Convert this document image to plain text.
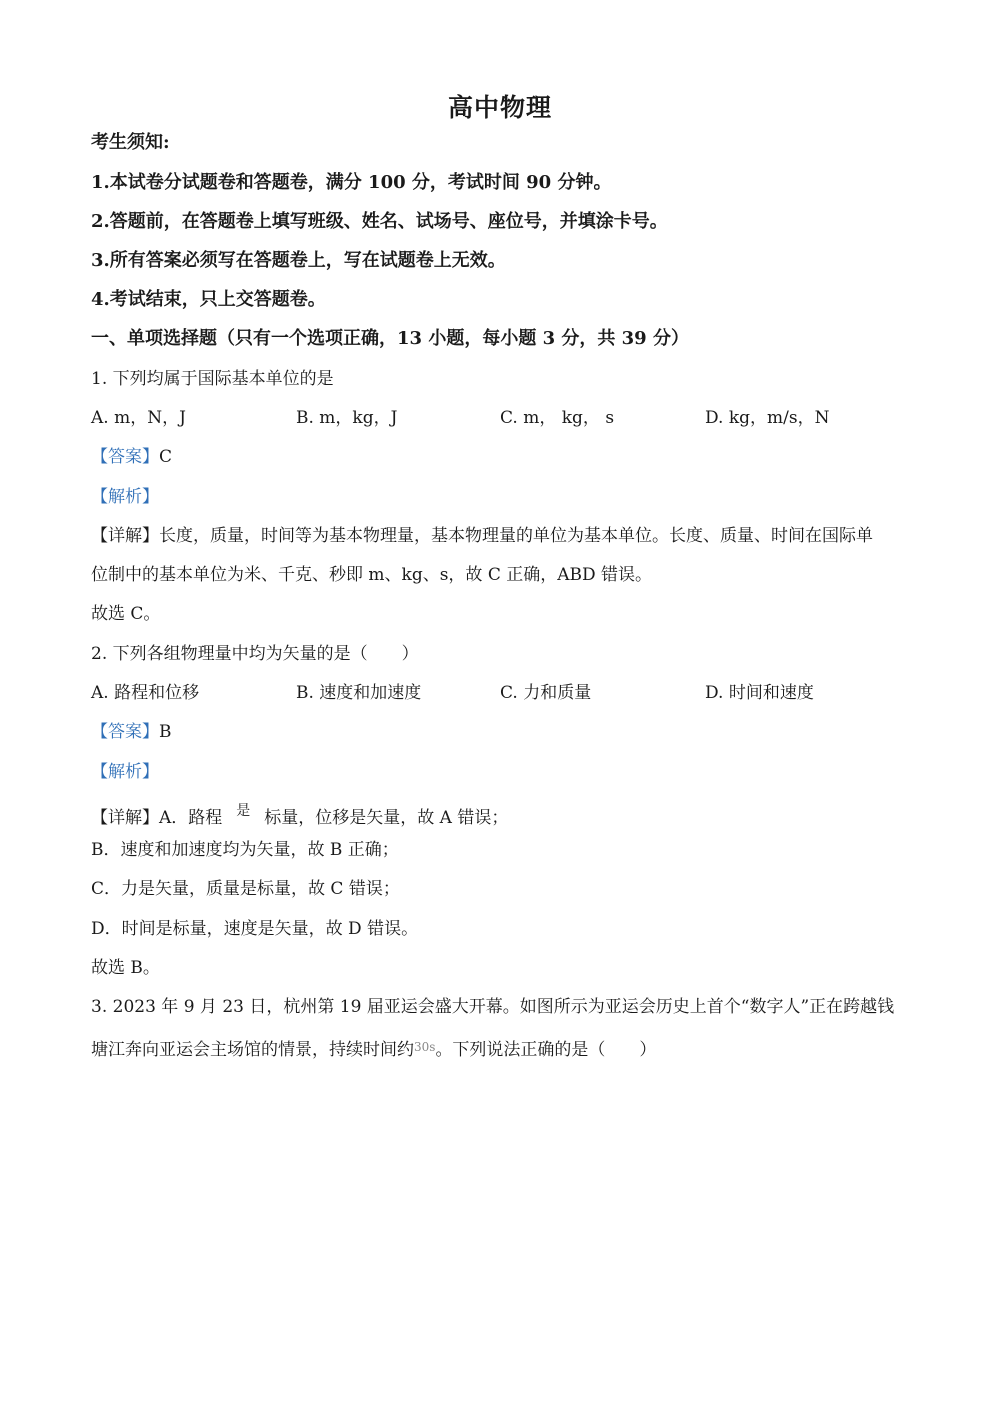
高中物理
考生须知:
1.本试卷分试题卷和答题卷，满分 100 分，考试时间 90 分钟。
2.答题前，在答题卷上填写班级、姓名、试场号、座位号，并填涂卡号。
3.所有答案必须写在答题卷上，写在试题卷上无效。
4.考试结束，只上交答题卷。
一、单项选择题（只有一个选项正确，13 小题，每小题 3 分，共 39 分）
1. 下列均属于国际基本单位的是
A. m，N，J	B. m，kg，J	C. m， kg， s	D. kg，m/s，N
【答案】C
【解析】
【详解】长度，质量，时间等为基本物理量，基本物理量的单位为基本单位。长度、质量、时间在国际单
位制中的基本单位为米、千克、秒即 m、kg、s，故 C 正确，ABD 错误。
故选 C。
2. 下列各组物理量中均为矢量的是（　　）
A. 路程和位移	B. 速度和加速度	C. 力和质量	D. 时间和速度
【答案】B
【解析】
【详解】A．路程 $^是$ 标量，位移是矢量，故 A 错误；
B．速度和加速度均为矢量，故 B 正确；
C．力是矢量，质量是标量，故 C 错误；
D．时间是标量，速度是矢量，故 D 错误。
故选 B。
3. 2023 年 9 月 23 日，杭州第 19 届亚运会盛大开幕。如图所示为亚运会历史上首个“数字人”正在跨越钱
塘江奔向亚运会主场馆的情景，持续时间约$^{30s}$。下列说法正确的是（　　）
